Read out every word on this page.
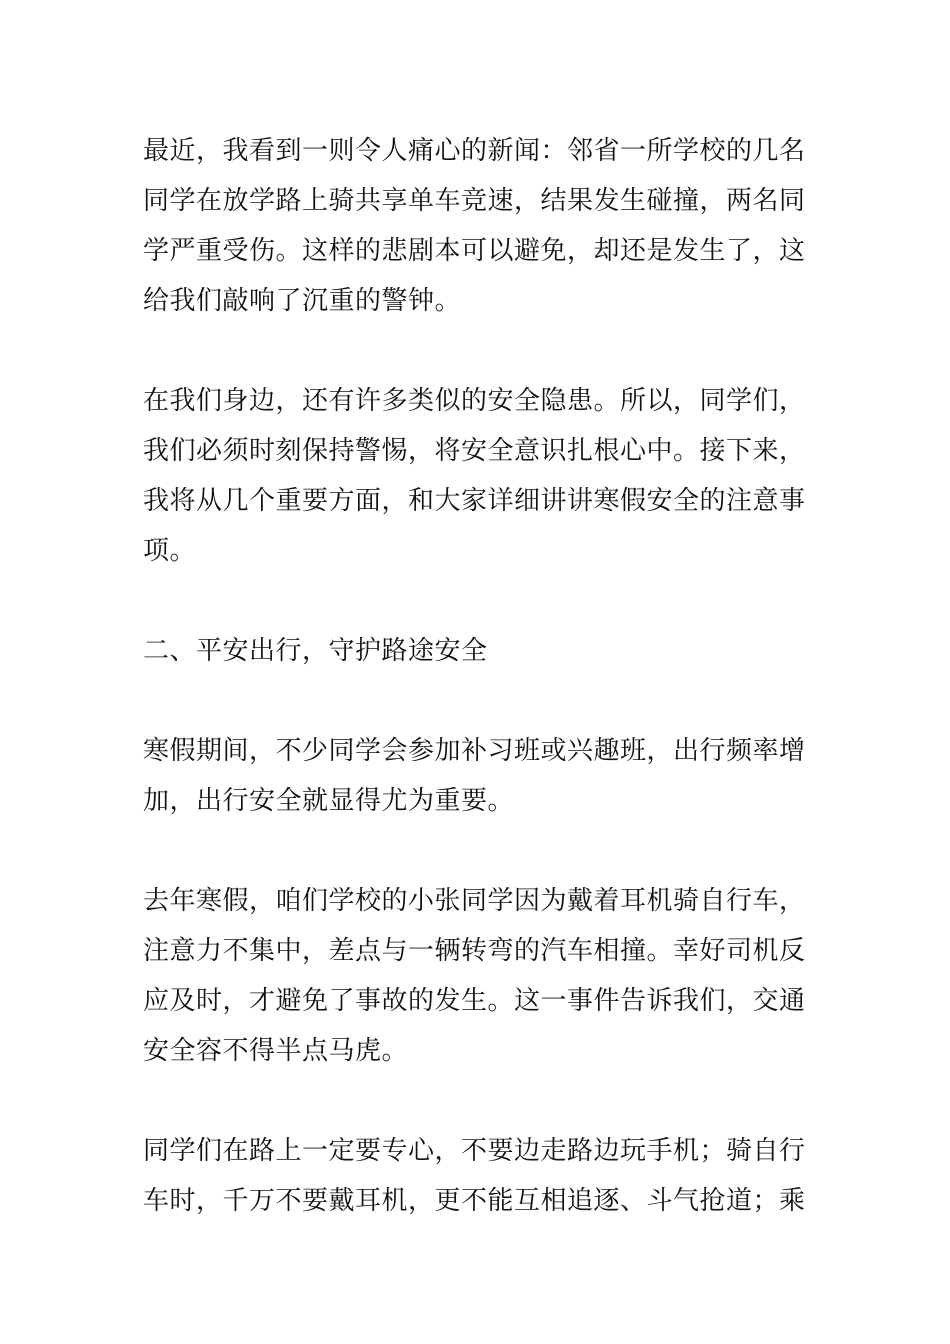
最近，我看到一则令人痛心的新闻：邻省一所学校的几名
同学在放学路上骑共享单车竞速，结果发生碰撞，两名同
学严重受伤。这样的悲剧本可以避免，却还是发生了，这
给我们敲响了沉重的警钟。

在我们身边，还有许多类似的安全隐患。所以，同学们，
我们必须时刻保持警惕，将安全意识扎根心中。接下来，
我将从几个重要方面，和大家详细讲讲寒假安全的注意事
项。

二、平安出行，守护路途安全

寒假期间，不少同学会参加补习班或兴趣班，出行频率增
加，出行安全就显得尤为重要。

去年寒假，咱们学校的小张同学因为戴着耳机骑自行车，
注意力不集中，差点与一辆转弯的汽车相撞。幸好司机反
应及时，才避免了事故的发生。这一事件告诉我们，交通
安全容不得半点马虎。

同学们在路上一定要专心，不要边走路边玩手机；骑自行
车时，千万不要戴耳机，更不能互相追逐、斗气抢道；乘
